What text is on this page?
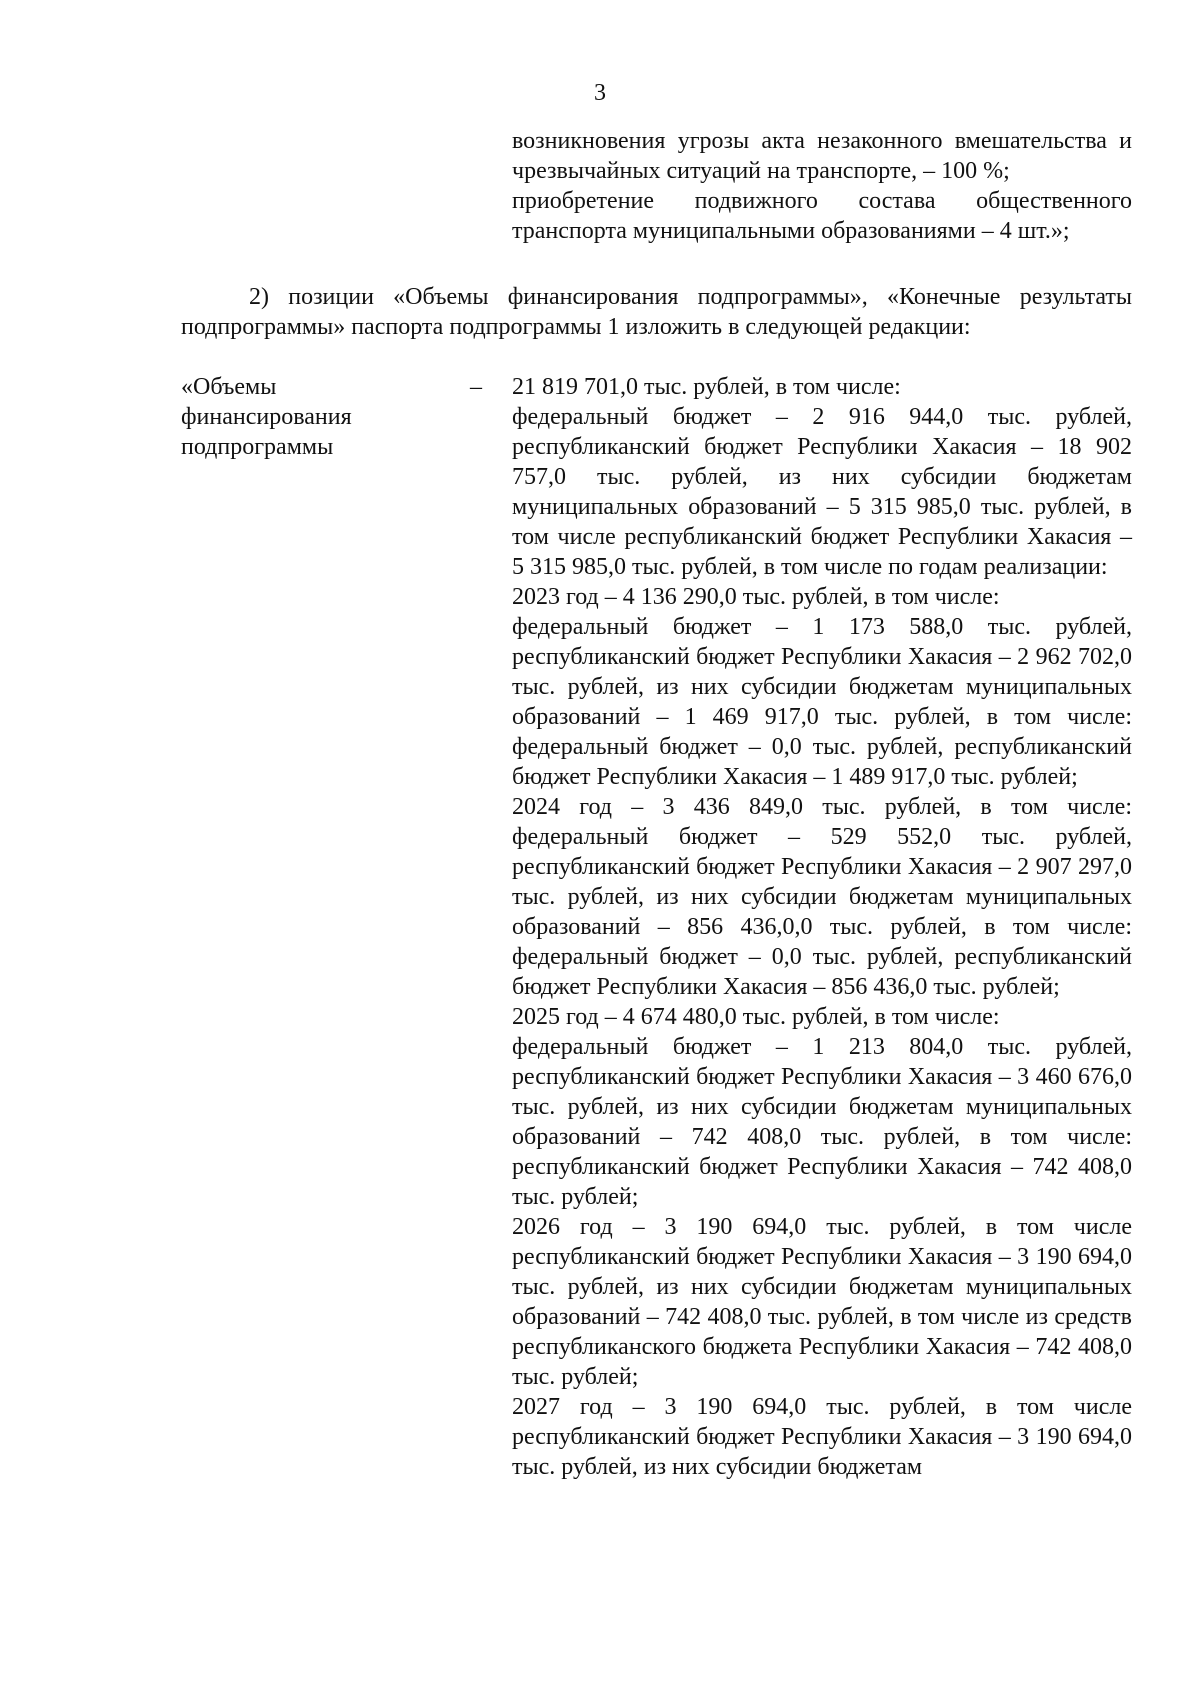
3

возникновения угрозы акта незаконного вмешательства и чрезвычайных ситуаций на транспорте, – 100 %;

приобретение подвижного состава общественного транспорта муниципальными образованиями – 4 шт.»;

2) позиции «Объемы финансирования подпрограммы», «Конечные результаты подпрограммы» паспорта подпрограммы 1 изложить в следующей редакции:

«Объемы
финансирования
подпрограммы
– 21 819 701,0 тыс. рублей, в том числе:

федеральный бюджет – 2 916 944,0 тыс. рублей, республиканский бюджет Республики Хакасия – 18 902 757,0 тыс. рублей, из них субсидии бюджетам муниципальных образований – 5 315 985,0 тыс. рублей, в том числе республиканский бюджет Республики Хакасия – 5 315 985,0 тыс. рублей, в том числе по годам реализации:

2023 год – 4 136 290,0 тыс. рублей, в том числе:

федеральный бюджет – 1 173 588,0 тыс. рублей, республиканский бюджет Республики Хакасия – 2 962 702,0 тыс. рублей, из них субсидии бюджетам муниципальных образований – 1 469 917,0 тыс. рублей, в том числе: федеральный бюджет – 0,0 тыс. рублей, республиканский бюджет Республики Хакасия – 1 489 917,0 тыс. рублей;

2024 год – 3 436 849,0 тыс. рублей, в том числе: федеральный бюджет – 529 552,0 тыс. рублей, республиканский бюджет Республики Хакасия – 2 907 297,0 тыс. рублей, из них субсидии бюджетам муниципальных образований – 856 436,0,0 тыс. рублей, в том числе: федеральный бюджет – 0,0 тыс. рублей, республиканский бюджет Республики Хакасия – 856 436,0 тыс. рублей;

2025 год – 4 674 480,0 тыс. рублей, в том числе:

федеральный бюджет – 1 213 804,0 тыс. рублей, республиканский бюджет Республики Хакасия – 3 460 676,0 тыс. рублей, из них субсидии бюджетам муниципальных образований – 742 408,0 тыс. рублей, в том числе: республиканский бюджет Республики Хакасия – 742 408,0 тыс. рублей;

2026 год – 3 190 694,0 тыс. рублей, в том числе республиканский бюджет Республики Хакасия – 3 190 694,0 тыс. рублей, из них субсидии бюджетам муниципальных образований – 742 408,0 тыс. рублей, в том числе из средств республиканского бюджета Республики Хакасия – 742 408,0 тыс. рублей;

2027 год – 3 190 694,0 тыс. рублей, в том числе республиканский бюджет Республики Хакасия – 3 190 694,0 тыс. рублей, из них субсидии бюджетам
